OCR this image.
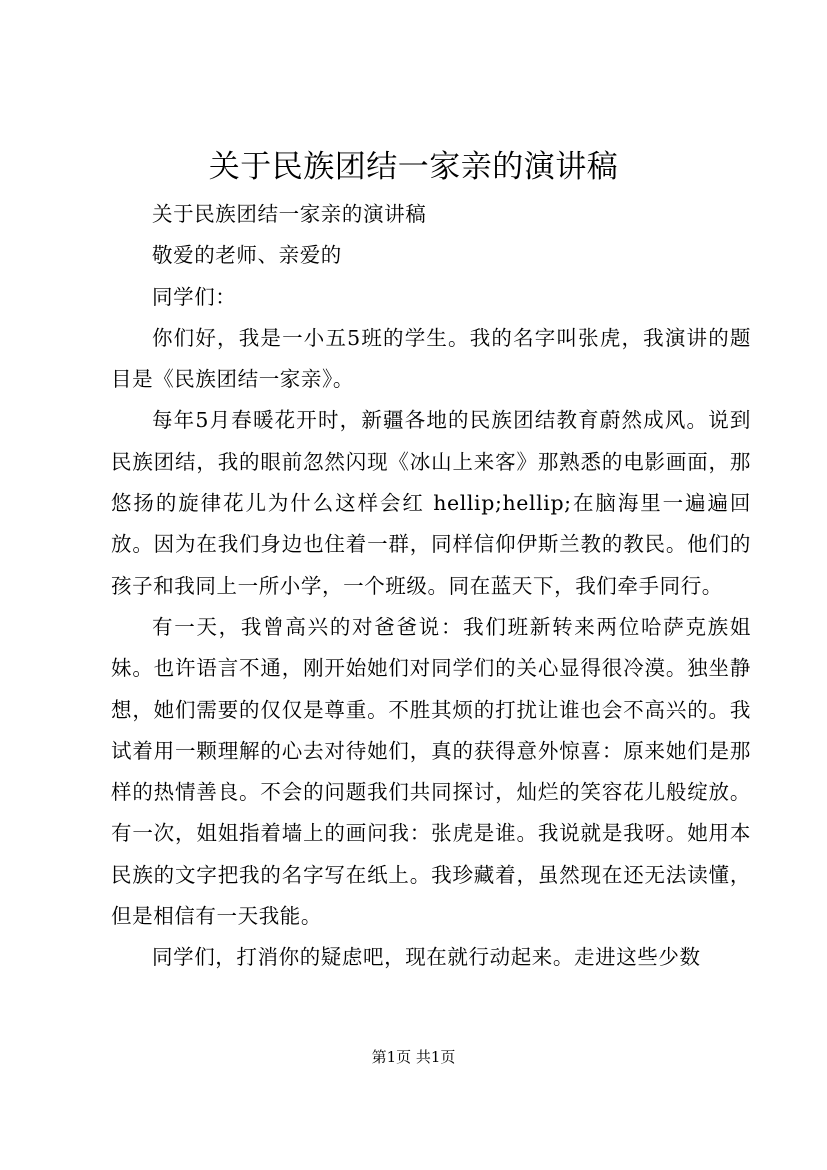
关于民族团结一家亲的演讲稿

关于民族团结一家亲的演讲稿

敬爱的老师、亲爱的

同学们：

你们好，我是一小五5班的学生。我的名字叫张虎，我演讲的题目是《民族团结一家亲》。

每年5月春暖花开时，新疆各地的民族团结教育蔚然成风。说到民族团结，我的眼前忽然闪现《冰山上来客》那熟悉的电影画面，那悠扬的旋律花儿为什么这样会红 hellip;hellip;在脑海里一遍遍回放。因为在我们身边也住着一群，同样信仰伊斯兰教的教民。他们的孩子和我同上一所小学，一个班级。同在蓝天下，我们牵手同行。

有一天，我曾高兴的对爸爸说：我们班新转来两位哈萨克族姐妹。也许语言不通，刚开始她们对同学们的关心显得很冷漠。独坐静想，她们需要的仅仅是尊重。不胜其烦的打扰让谁也会不高兴的。我试着用一颗理解的心去对待她们，真的获得意外惊喜：原来她们是那样的热情善良。不会的问题我们共同探讨，灿烂的笑容花儿般绽放。有一次，姐姐指着墙上的画问我：张虎是谁。我说就是我呀。她用本民族的文字把我的名字写在纸上。我珍藏着，虽然现在还无法读懂，但是相信有一天我能。

同学们，打消你的疑虑吧，现在就行动起来。走进这些少数

第1页 共1页
